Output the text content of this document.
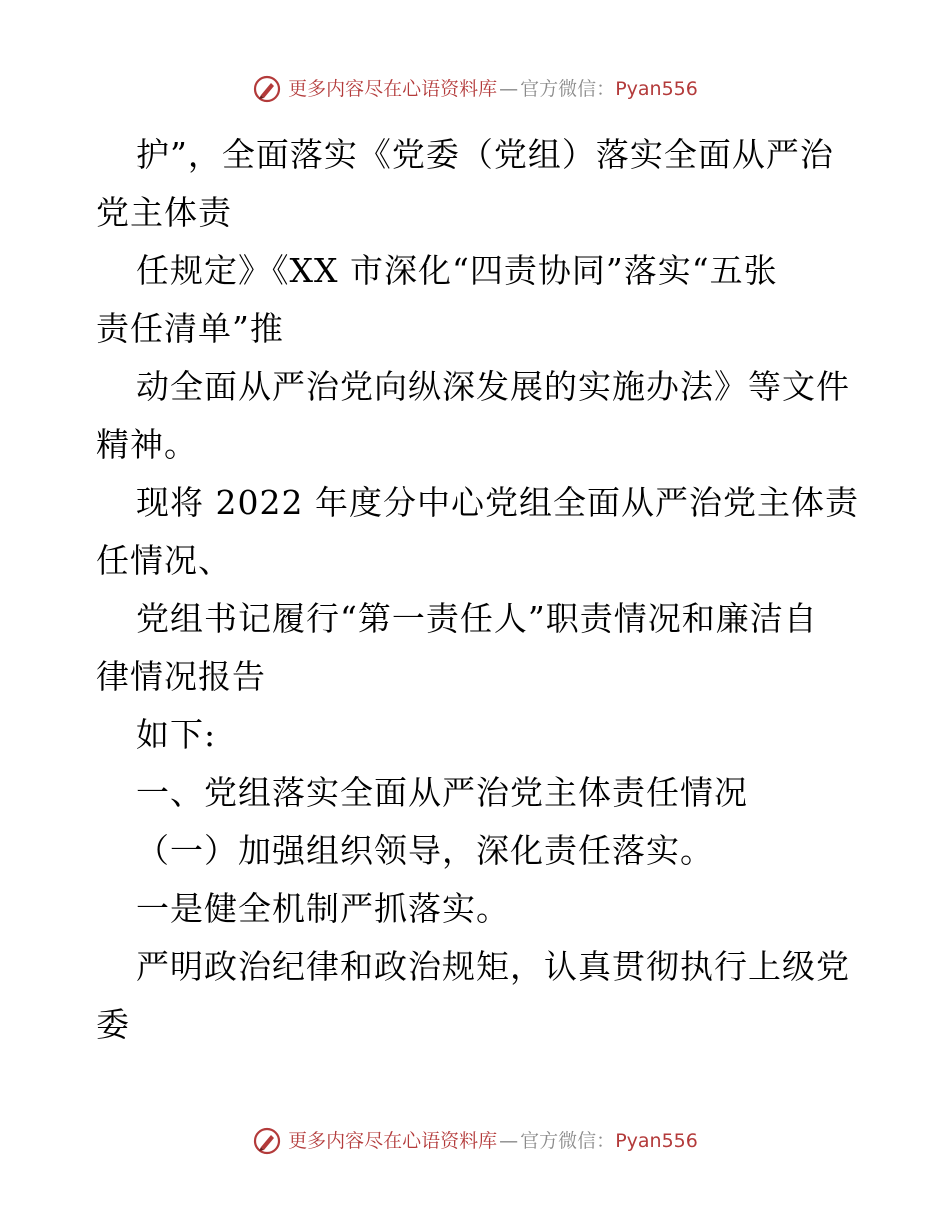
更多内容尽在心语资料库 — 官方微信： Pyan556
护”，全面落实《党委（党组）落实全面从严治
党主体责
任规定》《XX 市深化“四责协同”落实“五张
责任清单”推
动全面从严治党向纵深发展的实施办法》等文件
精神。
现将 2022 年度分中心党组全面从严治党主体责
任情况、
党组书记履行“第一责任人”职责情况和廉洁自
律情况报告
如下:
一、党组落实全面从严治党主体责任情况
（一）加强组织领导，深化责任落实。
一是健全机制严抓落实。
严明政治纪律和政治规矩，认真贯彻执行上级党
委
更多内容尽在心语资料库 — 官方微信： Pyan556
